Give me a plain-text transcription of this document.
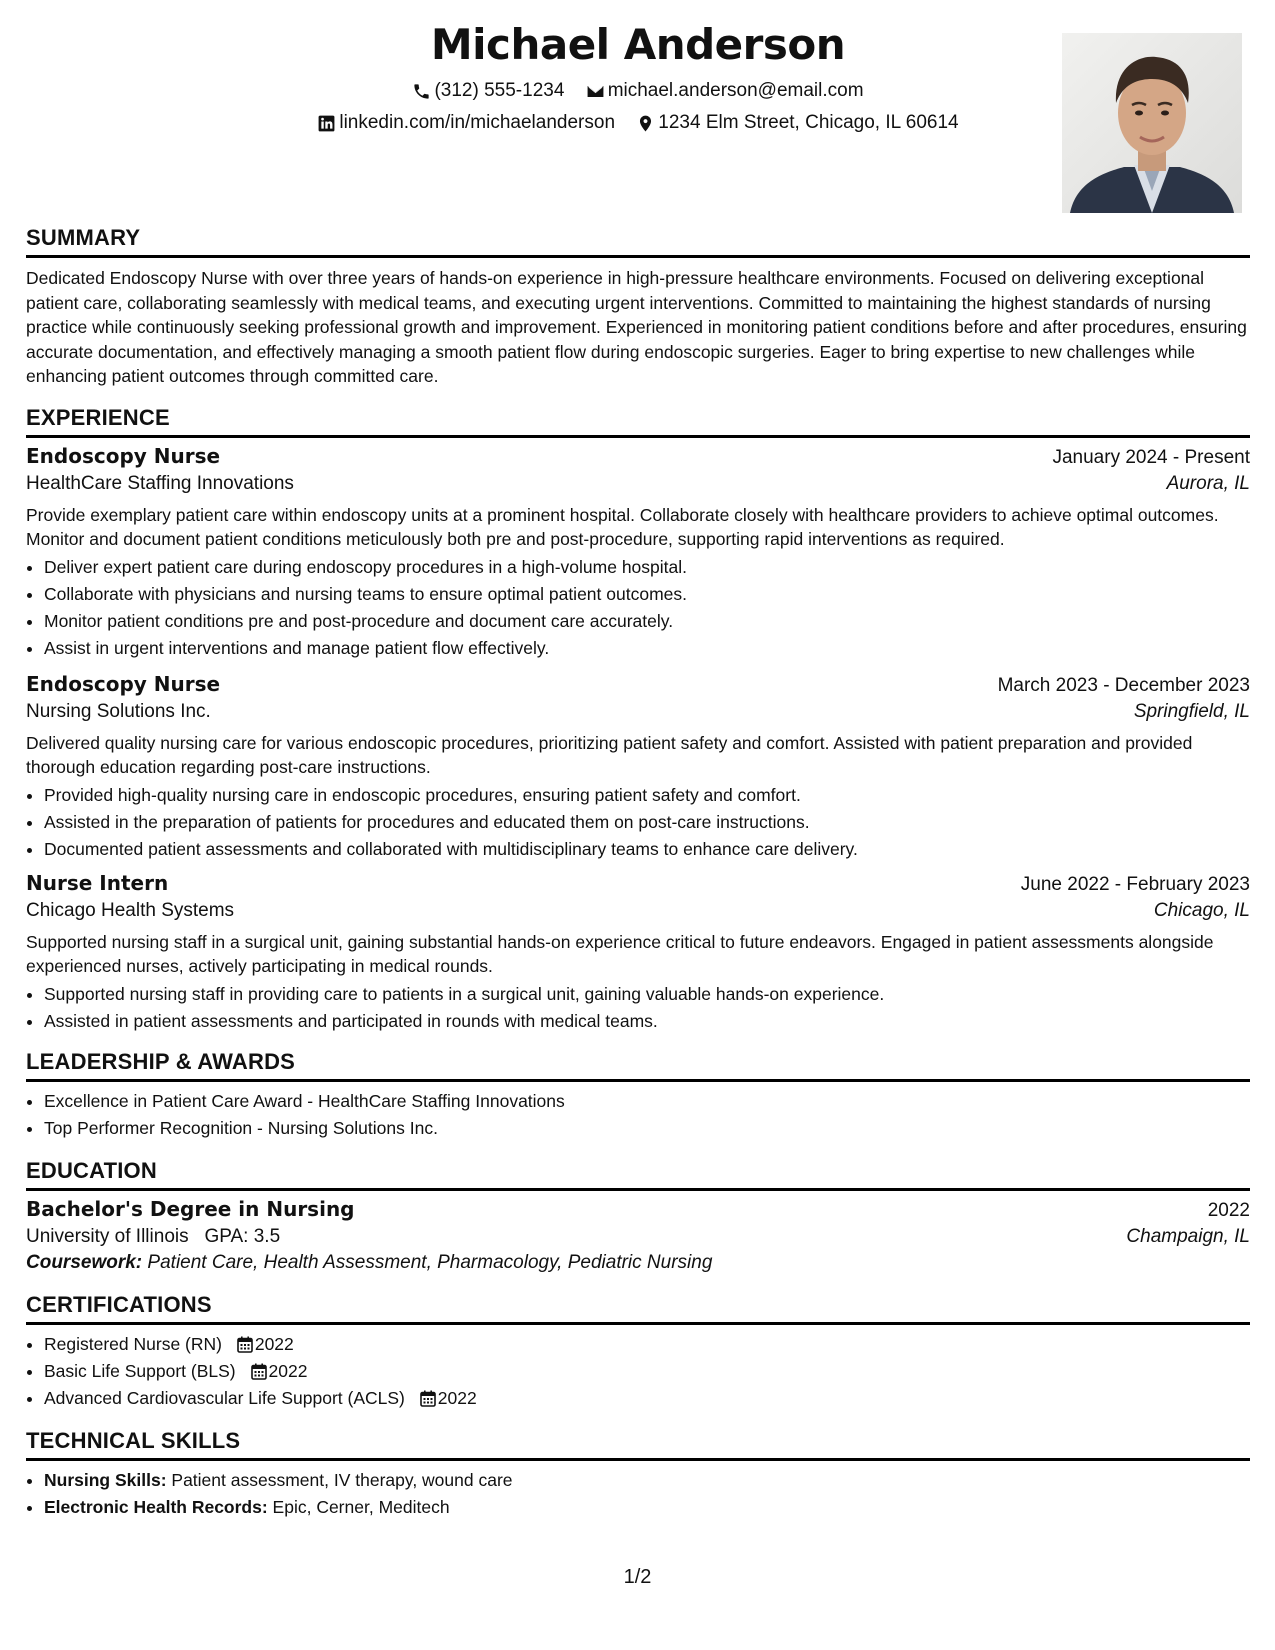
Michael Anderson
(312) 555-1234
michael.anderson@email.com
linkedin.com/in/michaelanderson
1234 Elm Street, Chicago, IL 60614
SUMMARY

Dedicated Endoscopy Nurse with over three years of hands-on experience in high-pressure healthcare environments. Focused on delivering exceptional patient care, collaborating seamlessly with medical teams, and executing urgent interventions. Committed to maintaining the highest standards of nursing practice while continuously seeking professional growth and improvement. Experienced in monitoring patient conditions before and after procedures, ensuring accurate documentation, and effectively managing a smooth patient flow during endoscopic surgeries. Eager to bring expertise to new challenges while enhancing patient outcomes through committed care.

EXPERIENCE
Endoscopy Nurse	January 2024 - Present
HealthCare Staffing Innovations	Aurora, IL

Provide exemplary patient care within endoscopy units at a prominent hospital. Collaborate closely with healthcare providers to achieve optimal outcomes. Monitor and document patient conditions meticulously both pre and post-procedure, supporting rapid interventions as required.

• Deliver expert patient care during endoscopy procedures in a high-volume hospital.
• Collaborate with physicians and nursing teams to ensure optimal patient outcomes.
• Monitor patient conditions pre and post-procedure and document care accurately.
• Assist in urgent interventions and manage patient flow effectively.
Endoscopy Nurse	March 2023 - December 2023
Nursing Solutions Inc.	Springfield, IL

Delivered quality nursing care for various endoscopic procedures, prioritizing patient safety and comfort. Assisted with patient preparation and provided thorough education regarding post-care instructions.

• Provided high-quality nursing care in endoscopic procedures, ensuring patient safety and comfort.
• Assisted in the preparation of patients for procedures and educated them on post-care instructions.
• Documented patient assessments and collaborated with multidisciplinary teams to enhance care delivery.
Nurse Intern	June 2022 - February 2023
Chicago Health Systems	Chicago, IL

Supported nursing staff in a surgical unit, gaining substantial hands-on experience critical to future endeavors. Engaged in patient assessments alongside experienced nurses, actively participating in medical rounds.

• Supported nursing staff in providing care to patients in a surgical unit, gaining valuable hands-on experience.
• Assisted in patient assessments and participated in rounds with medical teams.
LEADERSHIP & AWARDS
• Excellence in Patient Care Award - HealthCare Staffing Innovations
• Top Performer Recognition - Nursing Solutions Inc.
EDUCATION
Bachelor's Degree in Nursing	2022
University of Illinois GPA: 3.5	Champaign, IL
Coursework: Patient Care, Health Assessment, Pharmacology, Pediatric Nursing
CERTIFICATIONS
• Registered Nurse (RN) 2022
• Basic Life Support (BLS) 2022
• Advanced Cardiovascular Life Support (ACLS) 2022
TECHNICAL SKILLS
• Nursing Skills: Patient assessment, IV therapy, wound care
• Electronic Health Records: Epic, Cerner, Meditech
1/2
